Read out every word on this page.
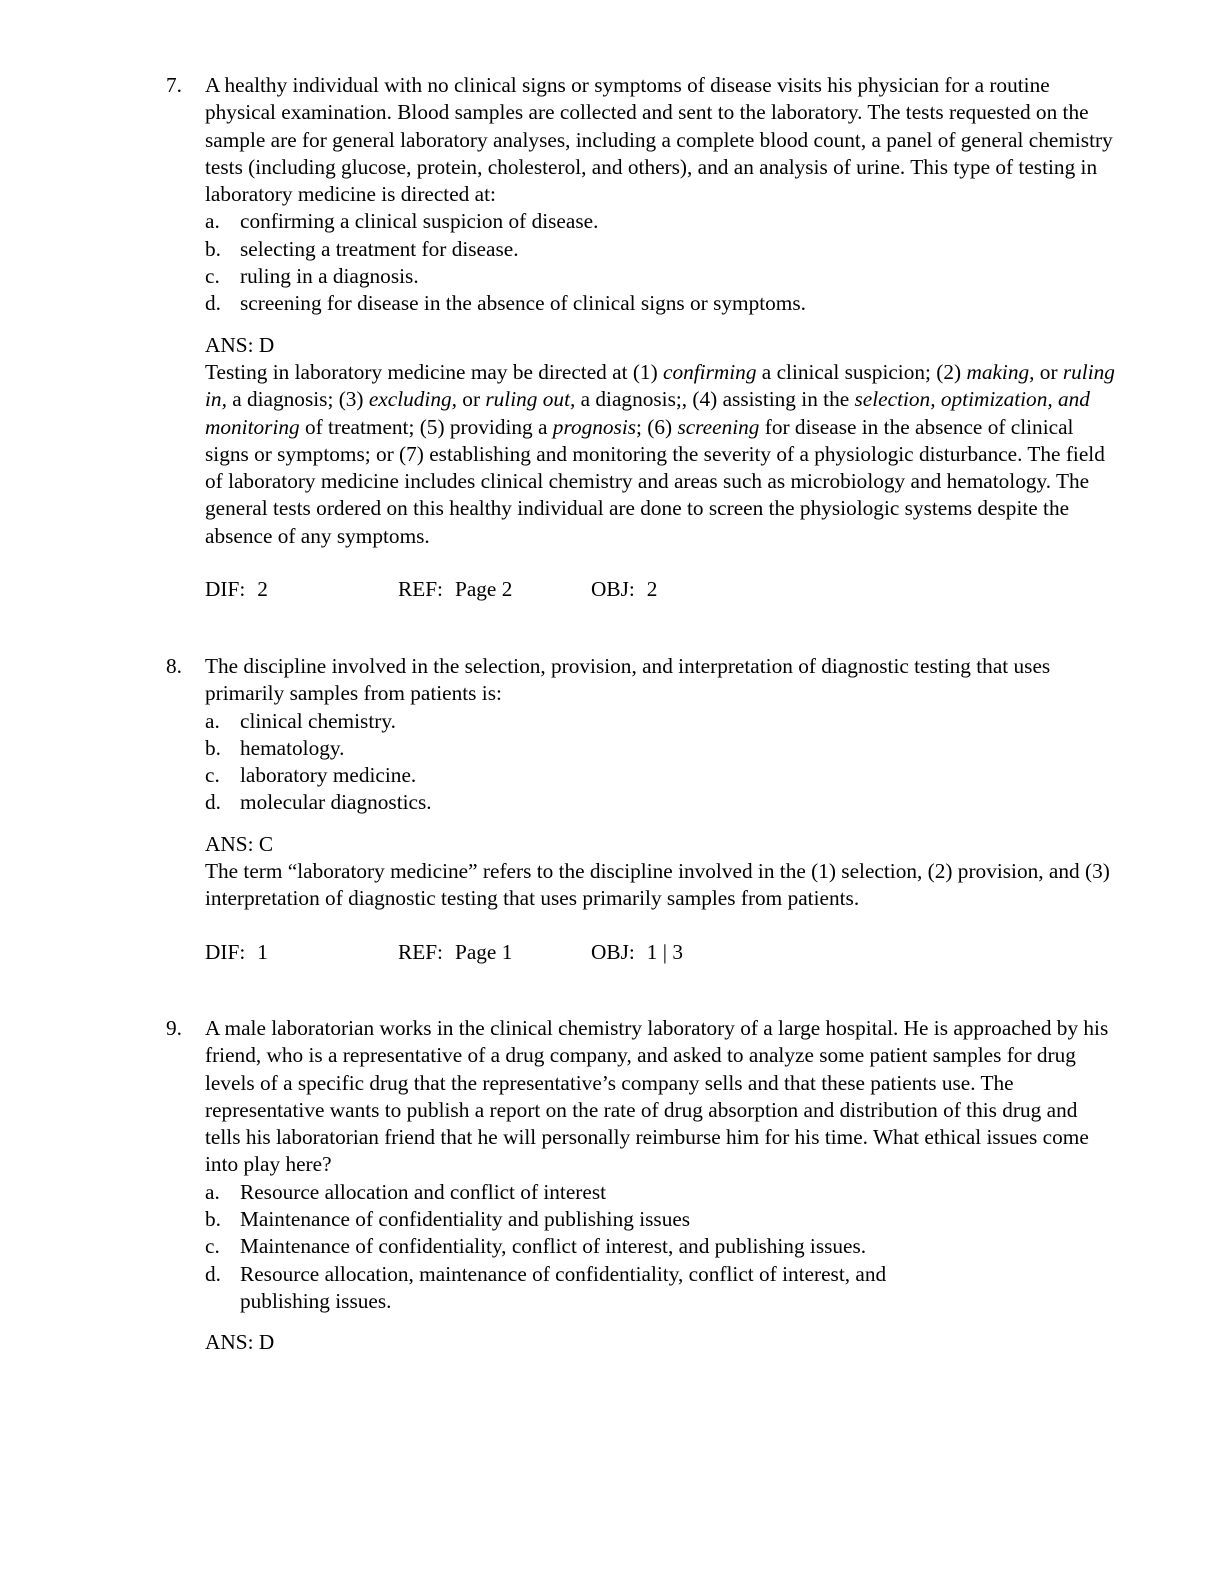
7.	A healthy individual with no clinical signs or symptoms of disease visits his physician for a routine physical examination. Blood samples are collected and sent to the laboratory. The tests requested on the sample are for general laboratory analyses, including a complete blood count, a panel of general chemistry tests (including glucose, protein, cholesterol, and others), and an analysis of urine. This type of testing in laboratory medicine is directed at:
a. confirming a clinical suspicion of disease.
b. selecting a treatment for disease.
c. ruling in a diagnosis.
d. screening for disease in the absence of clinical signs or symptoms.
ANS: D

Testing in laboratory medicine may be directed at (1) confirming a clinical suspicion; (2) making, or ruling in, a diagnosis; (3) excluding, or ruling out, a diagnosis;, (4) assisting in the selection, optimization, and monitoring of treatment; (5) providing a prognosis; (6) screening for disease in the absence of clinical signs or symptoms; or (7) establishing and monitoring the severity of a physiologic disturbance. The field of laboratory medicine includes clinical chemistry and areas such as microbiology and hematology. The general tests ordered on this healthy individual are done to screen the physiologic systems despite the absence of any symptoms.

DIF: 2	REF: Page 2	OBJ: 2
8.	The discipline involved in the selection, provision, and interpretation of diagnostic testing that uses primarily samples from patients is:
a. clinical chemistry.
b. hematology.
c. laboratory medicine.
d. molecular diagnostics.
ANS: C

The term “laboratory medicine” refers to the discipline involved in the (1) selection, (2) provision, and (3) interpretation of diagnostic testing that uses primarily samples from patients.

DIF: 1	REF: Page 1	OBJ: 1 | 3
9.	A male laboratorian works in the clinical chemistry laboratory of a large hospital. He is approached by his friend, who is a representative of a drug company, and asked to analyze some patient samples for drug levels of a specific drug that the representative’s company sells and that these patients use. The representative wants to publish a report on the rate of drug absorption and distribution of this drug and tells his laboratorian friend that he will personally reimburse him for his time. What ethical issues come into play here?
a. Resource allocation and conflict of interest
b. Maintenance of confidentiality and publishing issues
c. Maintenance of confidentiality, conflict of interest, and publishing issues.
d. Resource allocation, maintenance of confidentiality, conflict of interest, and publishing issues.
ANS: D
